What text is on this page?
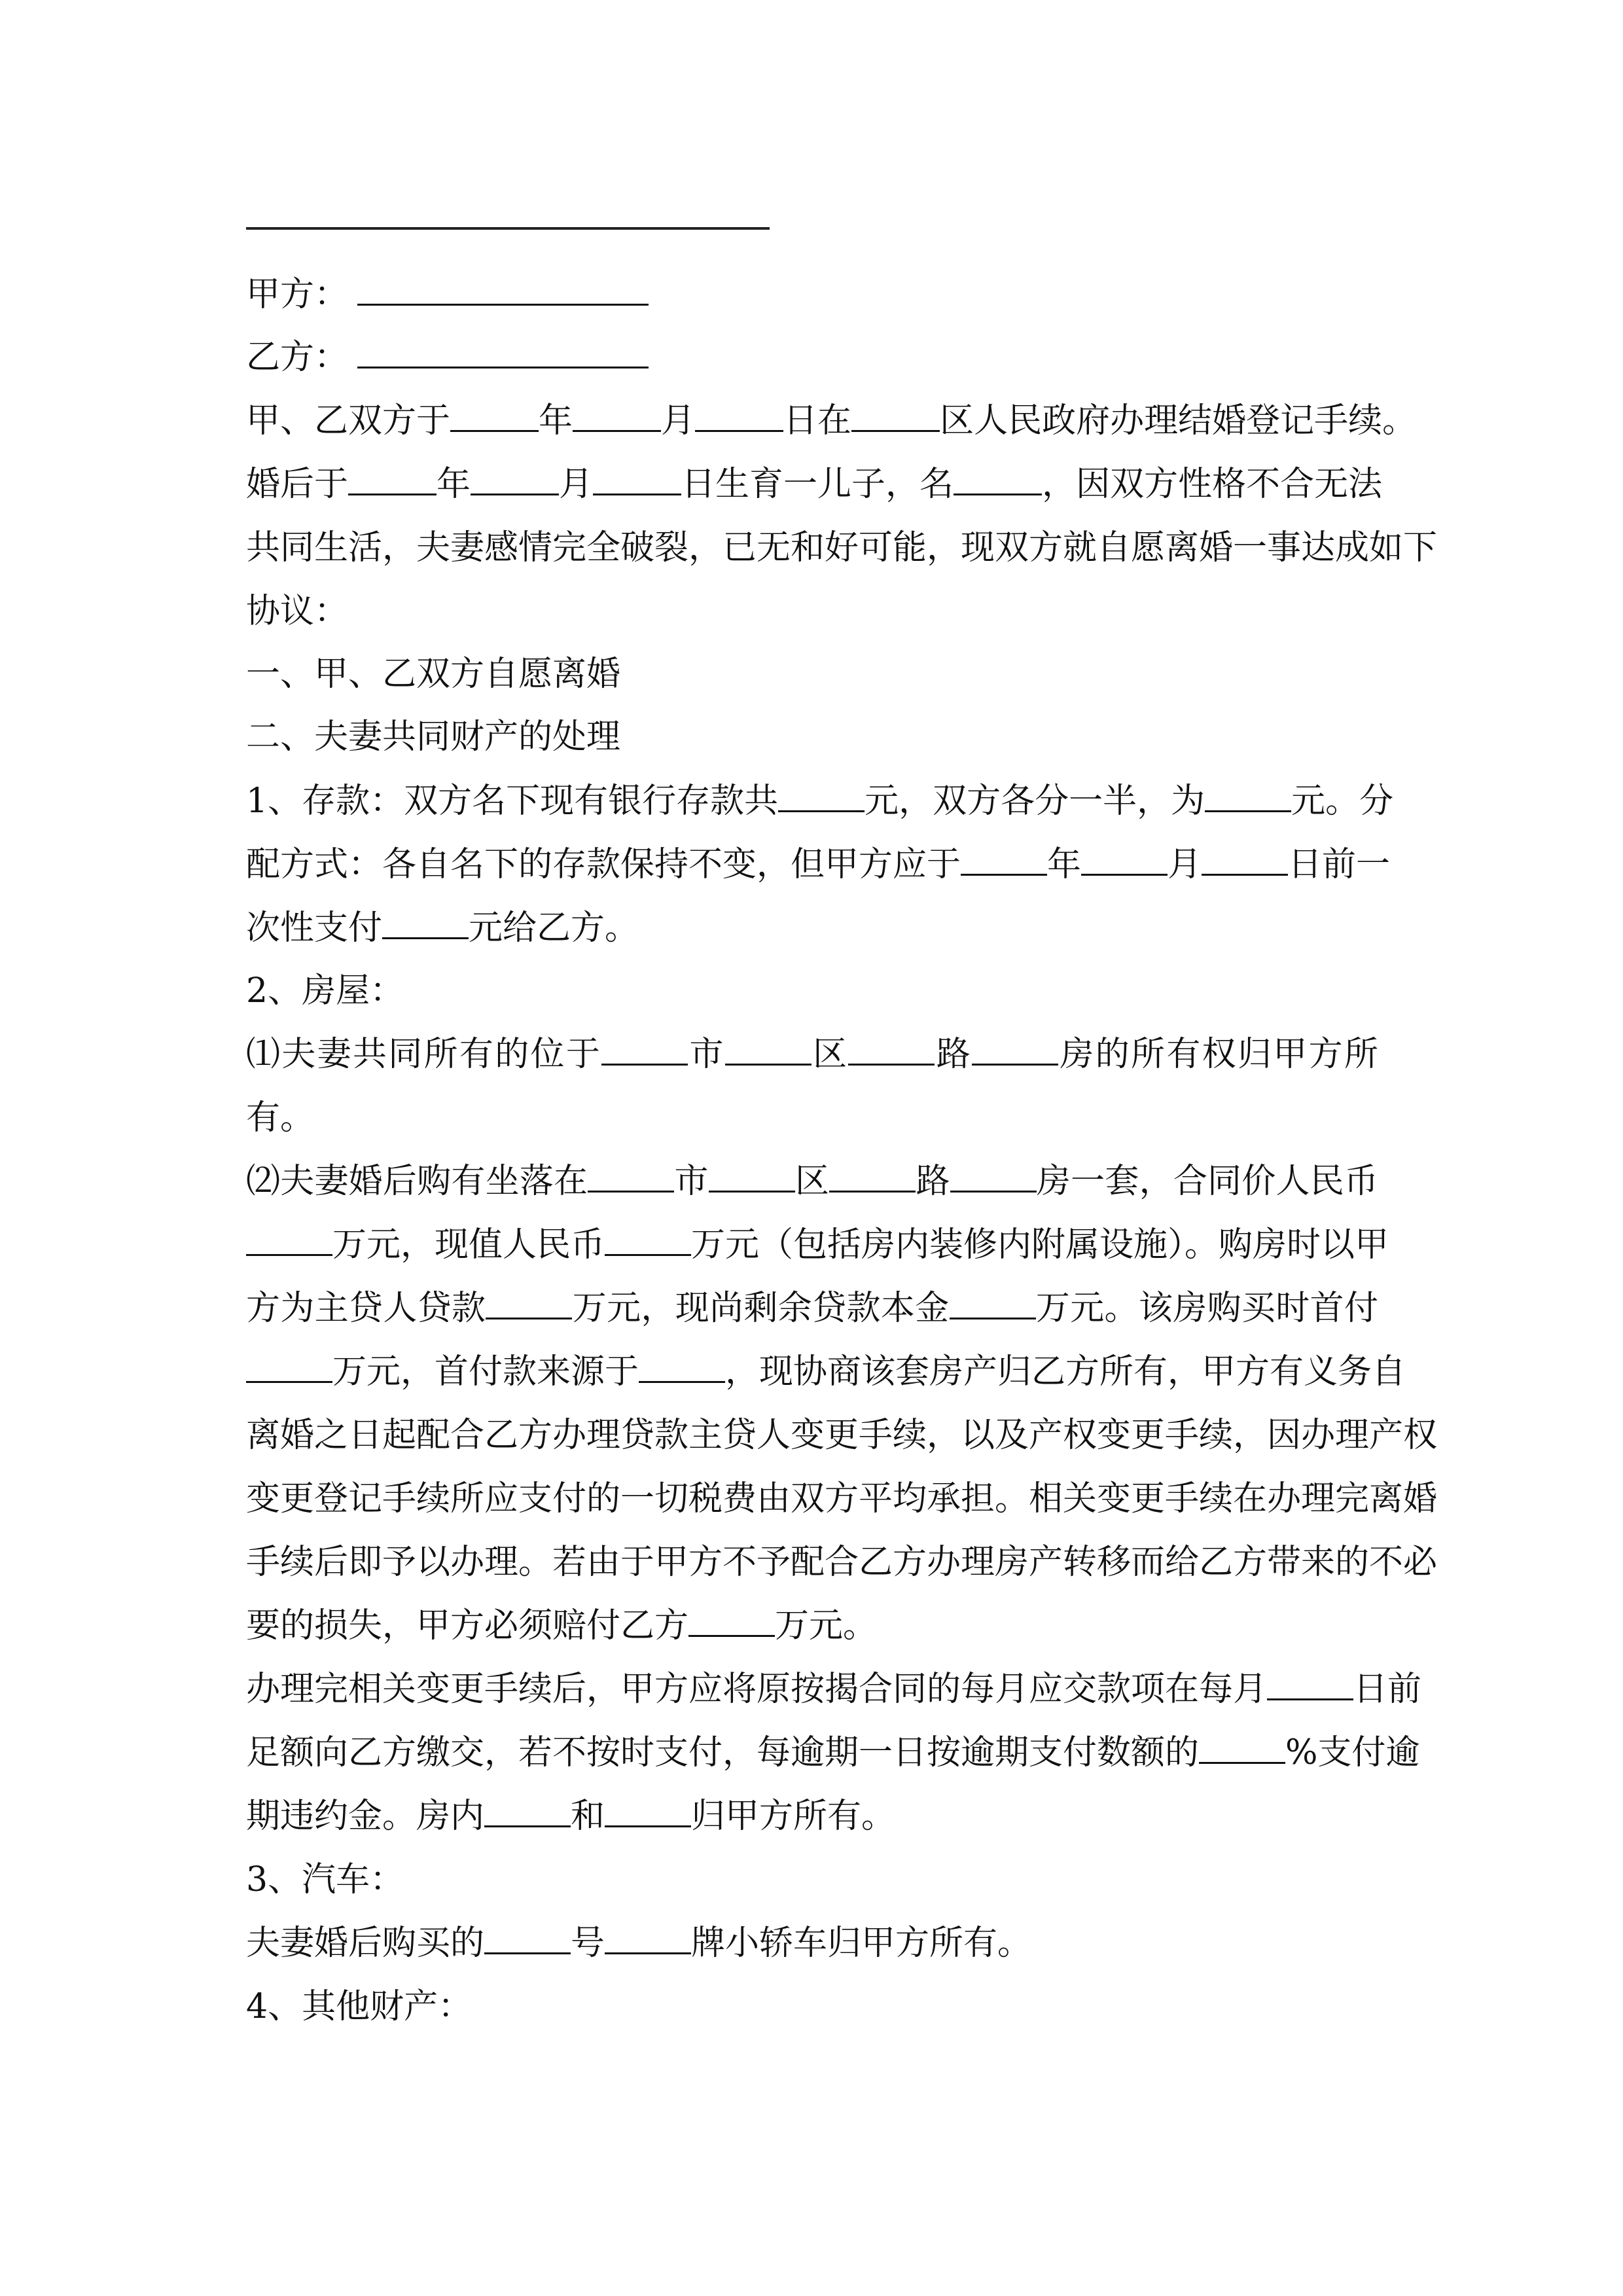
甲方：
乙方：
甲、乙双方于	年	月	日在	区人民政府办理结婚登记手续。
婚后于	年	月	日生育一儿子，名	，因双方性格不合无法
共同生活，夫妻感情完全破裂，已无和好可能，现双方就自愿离婚一事达成如下
协议：
一、甲、乙双方自愿离婚
二、夫妻共同财产的处理
1、存款：双方名下现有银行存款共	元，双方各分一半，为	元。分
配方式：各自名下的存款保持不变，但甲方应于	年	月	日前一
次性支付	元给乙方。
2、房屋：
⑴夫妻共同所有的位于	市	区	路	房的所有权归甲方所
有。
⑵夫妻婚后购有坐落在	市	区	路	房一套，合同价人民币
万元，现值人民币	万元（包括房内装修内附属设施）。购房时以甲
方为主贷人贷款	万元，现尚剩余贷款本金	万元。该房购买时首付
万元，首付款来源于	，现协商该套房产归乙方所有，甲方有义务自
离婚之日起配合乙方办理贷款主贷人变更手续，以及产权变更手续，因办理产权
变更登记手续所应支付的一切税费由双方平均承担。相关变更手续在办理完离婚
手续后即予以办理。若由于甲方不予配合乙方办理房产转移而给乙方带来的不必
要的损失，甲方必须赔付乙方	万元。
办理完相关变更手续后，甲方应将原按揭合同的每月应交款项在每月	日前
足额向乙方缴交，若不按时支付，每逾期一日按逾期支付数额的	%支付逾
期违约金。房内	和	归甲方所有。
3、汽车：
夫妻婚后购买的	号	牌小轿车归甲方所有。
4、其他财产：
